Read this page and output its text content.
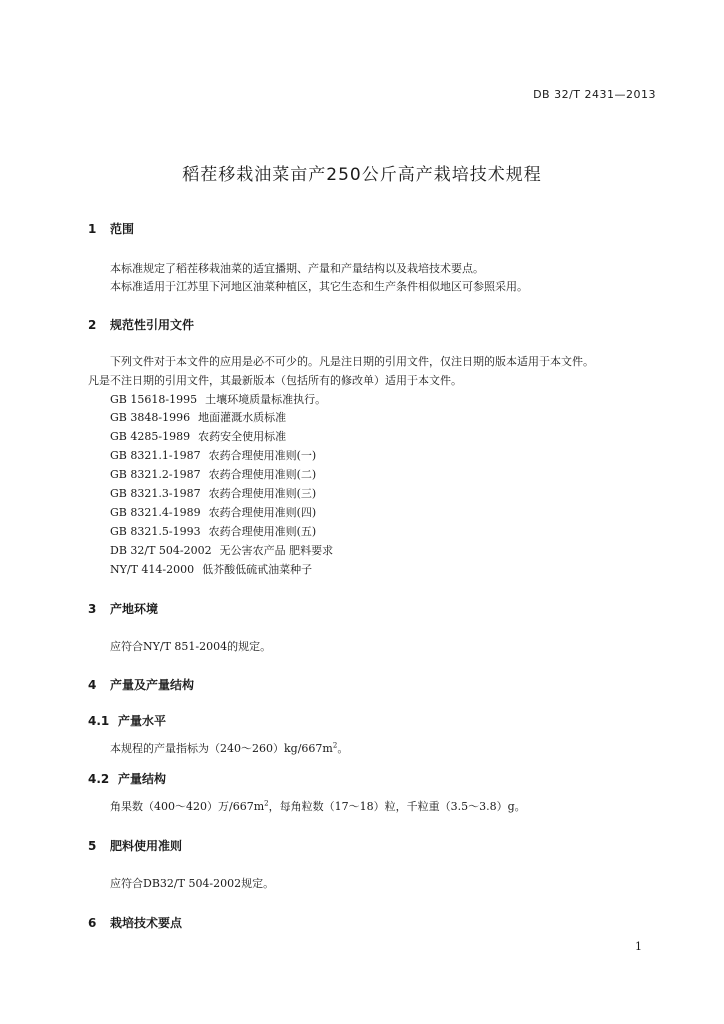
DB 32/T 2431—2013
稻茬移栽油菜亩产250公斤高产栽培技术规程
1 范围
本标准规定了稻茬移栽油菜的适宜播期、产量和产量结构以及栽培技术要点。
本标准适用于江苏里下河地区油菜种植区，其它生态和生产条件相似地区可参照采用。
2 规范性引用文件
下列文件对于本文件的应用是必不可少的。凡是注日期的引用文件，仅注日期的版本适用于本文件。
凡是不注日期的引用文件，其最新版本（包括所有的修改单）适用于本文件。
GB 15618-1995 土壤环境质量标准执行。
GB 3848-1996 地面灌溉水质标准
GB 4285-1989 农药安全使用标准
GB 8321.1-1987 农药合理使用准则(一)
GB 8321.2-1987 农药合理使用准则(二)
GB 8321.3-1987 农药合理使用准则(三)
GB 8321.4-1989 农药合理使用准则(四)
GB 8321.5-1993 农药合理使用准则(五)
DB 32/T 504-2002 无公害农产品 肥料要求
NY/T 414-2000 低芥酸低硫甙油菜种子
3 产地环境
应符合NY/T 851-2004的规定。
4 产量及产量结构
4.1 产量水平
本规程的产量指标为$(240\sim 260)kg/667m^2$。
4.2 产量结构
角果数（400～420）万$/667m^2$，每角粒数（17～18）粒，千粒重（3.5～3.8）g。
5 肥料使用准则
应符合DB32/T 504-2002规定。
6 栽培技术要点
1
